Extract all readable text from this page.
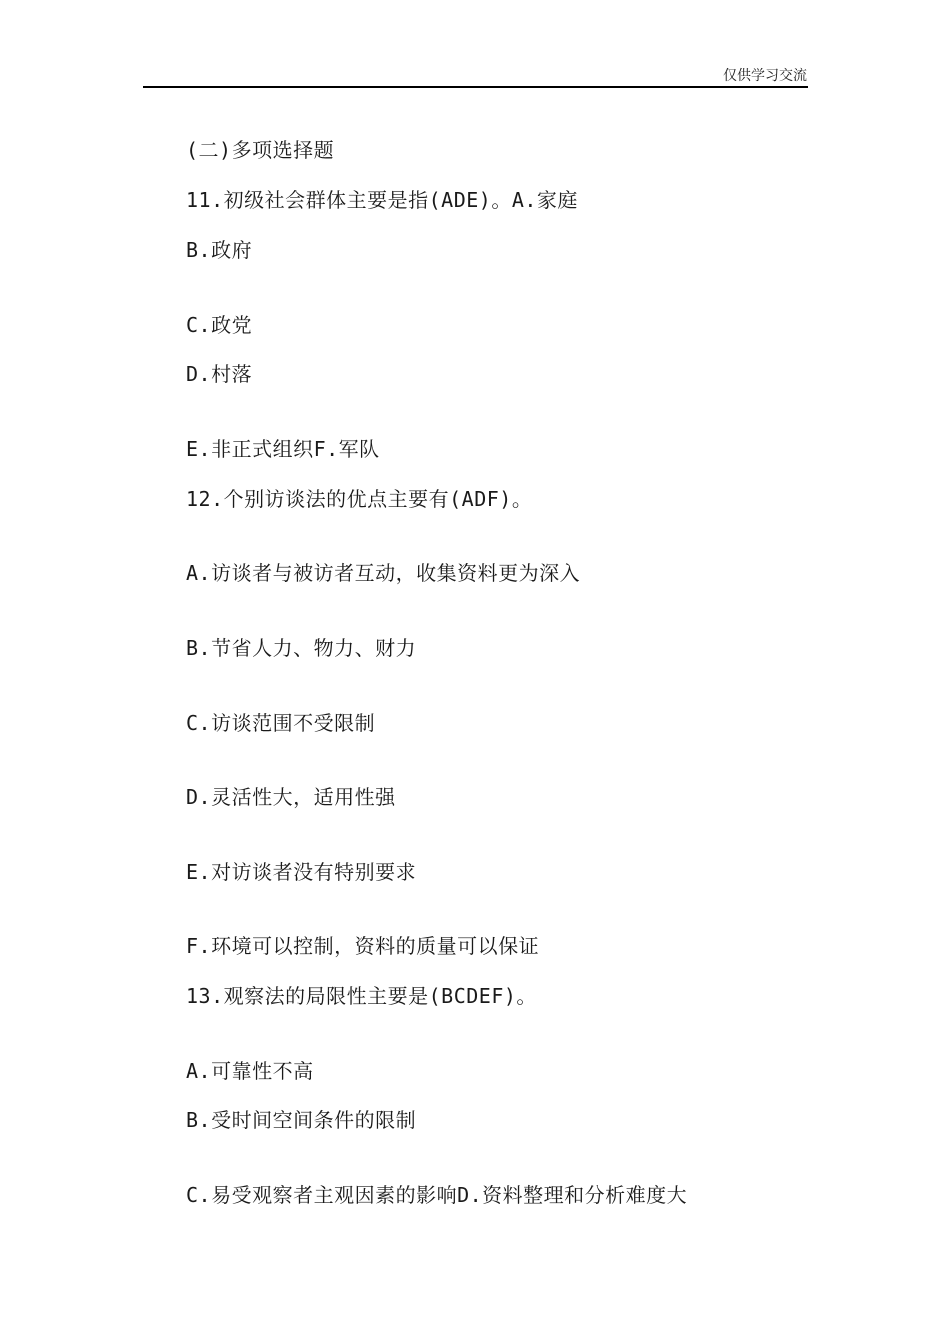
仅供学习交流
(二)多项选择题
11.初级社会群体主要是指(ADE)。A.家庭
B.政府
C.政党
D.村落
E.非正式组织F.军队
12.个别访谈法的优点主要有(ADF)。
A.访谈者与被访者互动，收集资料更为深入
B.节省人力、物力、财力
C.访谈范围不受限制
D.灵活性大，适用性强
E.对访谈者没有特别要求
F.环境可以控制，资料的质量可以保证
13.观察法的局限性主要是(BCDEF)。
A.可靠性不高
B.受时间空间条件的限制
C.易受观察者主观因素的影响D.资料整理和分析难度大
